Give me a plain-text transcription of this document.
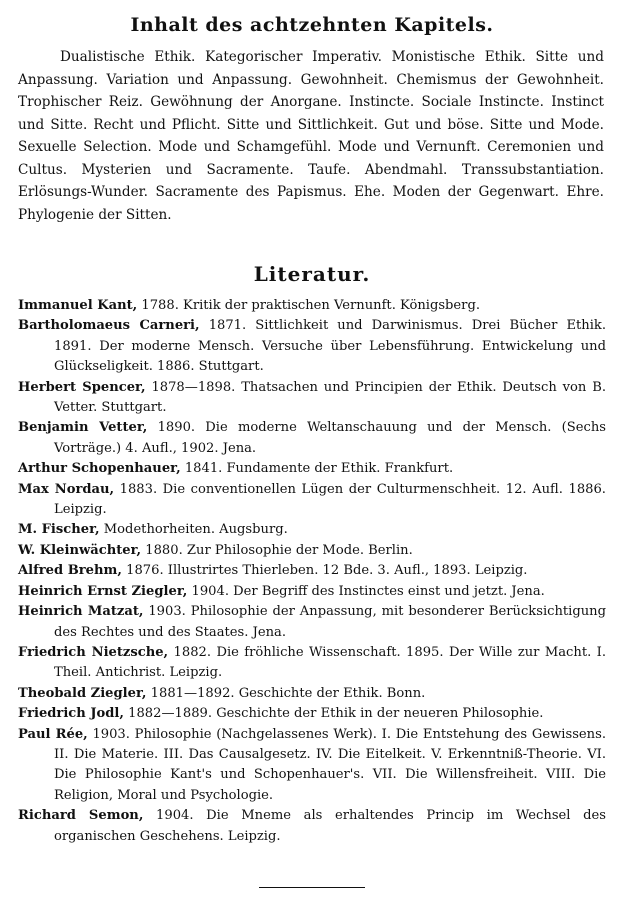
Inhalt des achtzehnten Kapitels.
Dualistische Ethik. Kategorischer Imperativ. Monistische Ethik. Sitte und Anpassung. Variation und Anpassung. Gewohnheit. Chemismus der Gewohnheit. Trophischer Reiz. Gewöhnung der Anorgane. Instincte. Sociale Instincte. Instinct und Sitte. Recht und Pflicht. Sitte und Sittlichkeit. Gut und böse. Sitte und Mode. Sexuelle Selection. Mode und Schamgefühl. Mode und Vernunft. Ceremonien und Cultus. Mysterien und Sacramente. Taufe. Abendmahl. Transsubstantiation. Erlösungs-Wunder. Sacramente des Papismus. Ehe. Moden der Gegenwart. Ehre. Phylogenie der Sitten.
Literatur.

Immanuel Kant, 1788. Kritik der praktischen Vernunft. Königsberg.

Bartholomaeus Carneri, 1871. Sittlichkeit und Darwinismus. Drei Bücher Ethik. 1891. Der moderne Mensch. Versuche über Lebensführung. Entwickelung und Glückseligkeit. 1886. Stuttgart.

Herbert Spencer, 1878—1898. Thatsachen und Principien der Ethik. Deutsch von B. Vetter. Stuttgart.

Benjamin Vetter, 1890. Die moderne Weltanschauung und der Mensch. (Sechs Vorträge.) 4. Aufl., 1902. Jena.

Arthur Schopenhauer, 1841. Fundamente der Ethik. Frankfurt.

Max Nordau, 1883. Die conventionellen Lügen der Culturmenschheit. 12. Aufl. 1886. Leipzig.

M. Fischer, Modethorheiten. Augsburg.

W. Kleinwächter, 1880. Zur Philosophie der Mode. Berlin.

Alfred Brehm, 1876. Illustrirtes Thierleben. 12 Bde. 3. Aufl., 1893. Leipzig.

Heinrich Ernst Ziegler, 1904. Der Begriff des Instinctes einst und jetzt. Jena.

Heinrich Matzat, 1903. Philosophie der Anpassung, mit besonderer Berücksichtigung des Rechtes und des Staates. Jena.

Friedrich Nietzsche, 1882. Die fröhliche Wissenschaft. 1895. Der Wille zur Macht. I. Theil. Antichrist. Leipzig.

Theobald Ziegler, 1881—1892. Geschichte der Ethik. Bonn.

Friedrich Jodl, 1882—1889. Geschichte der Ethik in der neueren Philosophie.

Paul Rée, 1903. Philosophie (Nachgelassenes Werk). I. Die Entstehung des Gewissens. II. Die Materie. III. Das Causalgesetz. IV. Die Eitelkeit. V. Erkenntniß-Theorie. VI. Die Philosophie Kant's und Schopenhauer's. VII. Die Willensfreiheit. VIII. Die Religion, Moral und Psychologie.

Richard Semon, 1904. Die Mneme als erhaltendes Princip im Wechsel des organischen Geschehens. Leipzig.
